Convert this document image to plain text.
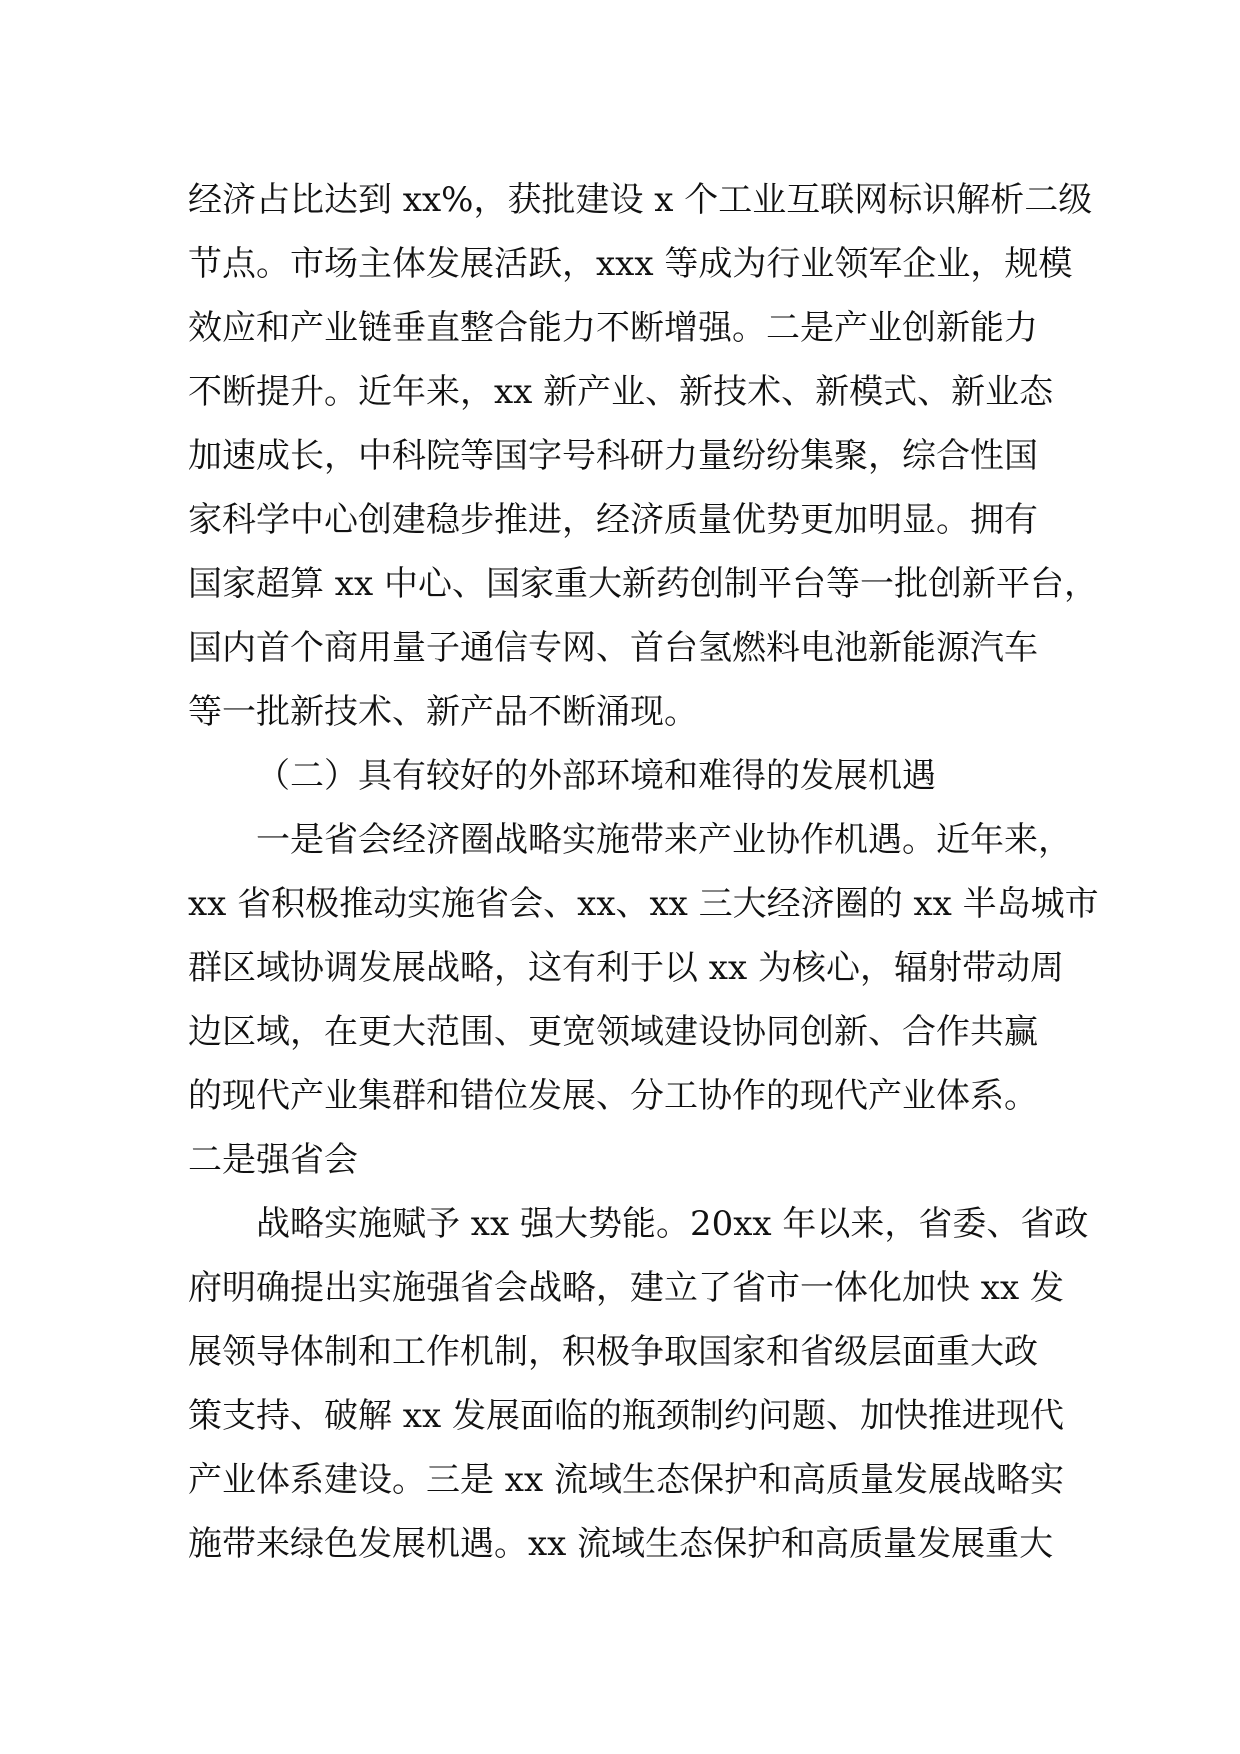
经济占比达到 xx%，获批建设 x 个工业互联网标识解析二级
节点。市场主体发展活跃，xxx 等成为行业领军企业，规模
效应和产业链垂直整合能力不断增强。二是产业创新能力
不断提升。近年来，xx 新产业、新技术、新模式、新业态
加速成长，中科院等国字号科研力量纷纷集聚，综合性国
家科学中心创建稳步推进，经济质量优势更加明显。拥有
国家超算 xx 中心、国家重大新药创制平台等一批创新平台，
国内首个商用量子通信专网、首台氢燃料电池新能源汽车
等一批新技术、新产品不断涌现。
（二）具有较好的外部环境和难得的发展机遇
一是省会经济圈战略实施带来产业协作机遇。近年来，
xx 省积极推动实施省会、xx、xx 三大经济圈的 xx 半岛城市
群区域协调发展战略，这有利于以 xx 为核心，辐射带动周
边区域，在更大范围、更宽领域建设协同创新、合作共赢
的现代产业集群和错位发展、分工协作的现代产业体系。
二是强省会
战略实施赋予 xx 强大势能。20xx 年以来，省委、省政
府明确提出实施强省会战略，建立了省市一体化加快 xx 发
展领导体制和工作机制，积极争取国家和省级层面重大政
策支持、破解 xx 发展面临的瓶颈制约问题、加快推进现代
产业体系建设。三是 xx 流域生态保护和高质量发展战略实
施带来绿色发展机遇。xx 流域生态保护和高质量发展重大
